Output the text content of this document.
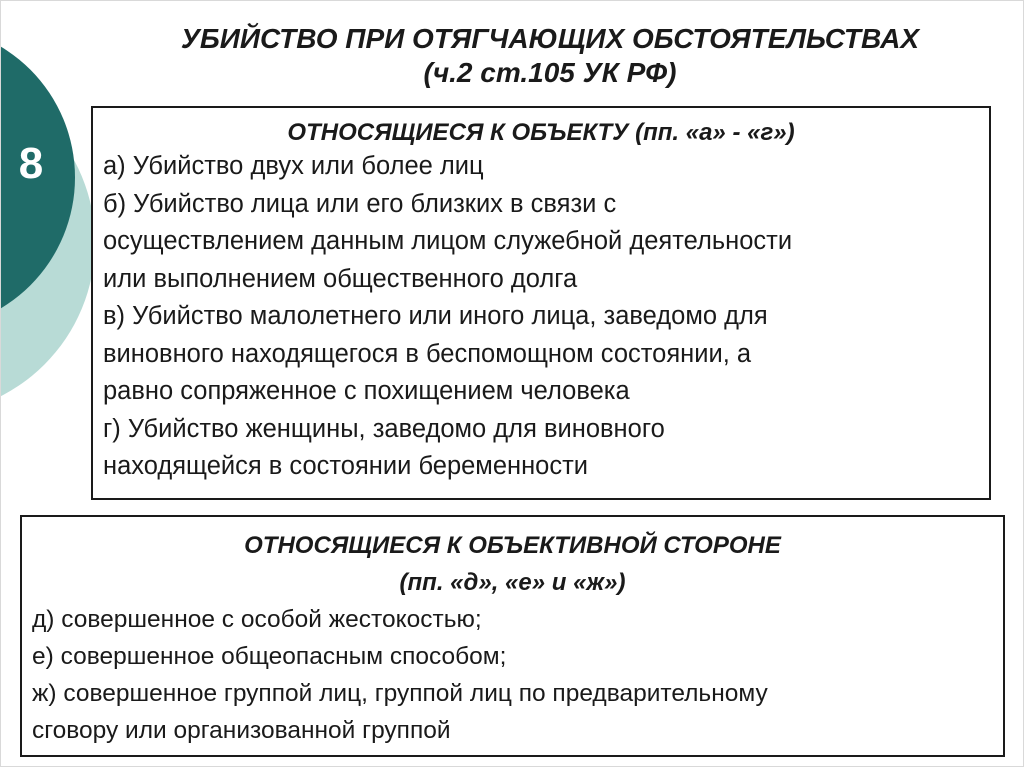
8
УБИЙСТВО ПРИ ОТЯГЧАЮЩИХ ОБСТОЯТЕЛЬСТВАХ
(ч.2 ст.105 УК РФ)

ОТНОСЯЩИЕСЯ К ОБЪЕКТУ (пп. «а» - «г»)

а) Убийство двух или более лиц

б) Убийство лица или его близких в связи с

осуществлением данным лицом служебной деятельности

или выполнением общественного долга

в) Убийство малолетнего или иного лица, заведомо для

виновного находящегося в беспомощном состоянии, а

равно сопряженное с похищением человека

г) Убийство женщины, заведомо для виновного

находящейся в состоянии беременности

ОТНОСЯЩИЕСЯ К ОБЪЕКТИВНОЙ СТОРОНЕ
(пп. «д», «е» и «ж»)

д) совершенное с особой жестокостью;

е) совершенное общеопасным способом;

ж) совершенное группой лиц, группой лиц по предварительному

сговору или организованной группой
